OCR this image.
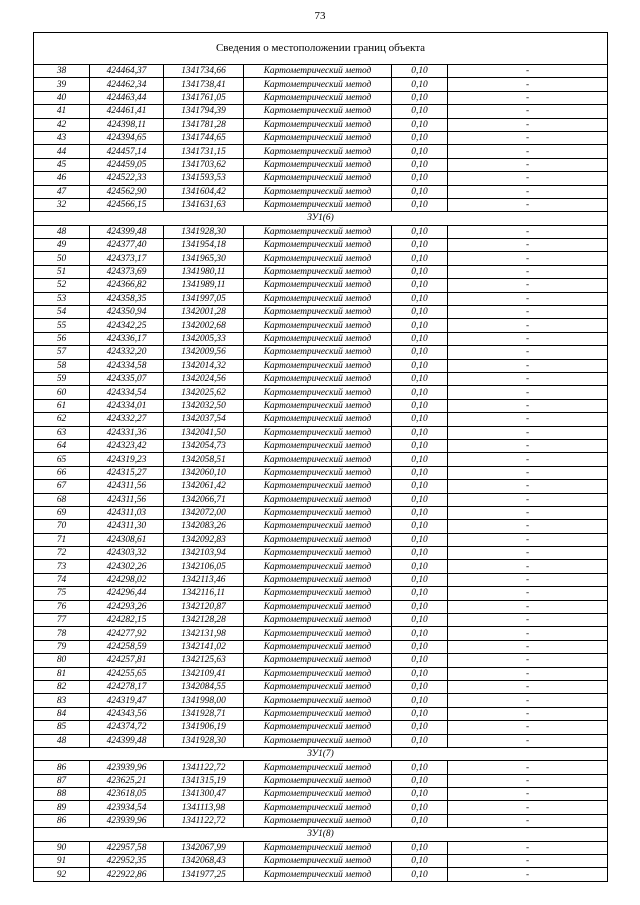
73
Сведения о местоположении границ объекта					
38	424464,37	1341734,66	Картометрический метод	0,10	-
39	424462,34	1341738,41	Картометрический метод	0,10	-
40	424463,44	1341761,05	Картометрический метод	0,10	-
41	424461,41	1341794,39	Картометрический метод	0,10	-
42	424398,11	1341781,28	Картометрический метод	0,10	-
43	424394,65	1341744,65	Картометрический метод	0,10	-
44	424457,14	1341731,15	Картометрический метод	0,10	-
45	424459,05	1341703,62	Картометрический метод	0,10	-
46	424522,33	1341593,53	Картометрический метод	0,10	-
47	424562,90	1341604,42	Картометрический метод	0,10	-
32	424566,15	1341631,63	Картометрический метод	0,10	-
ЗУ1(6)					
48	424399,48	1341928,30	Картометрический метод	0,10	-
49	424377,40	1341954,18	Картометрический метод	0,10	-
50	424373,17	1341965,30	Картометрический метод	0,10	-
51	424373,69	1341980,11	Картометрический метод	0,10	-
52	424366,82	1341989,11	Картометрический метод	0,10	-
53	424358,35	1341997,05	Картометрический метод	0,10	-
54	424350,94	1342001,28	Картометрический метод	0,10	-
55	424342,25	1342002,68	Картометрический метод	0,10	-
56	424336,17	1342005,33	Картометрический метод	0,10	-
57	424332,20	1342009,56	Картометрический метод	0,10	-
58	424334,58	1342014,32	Картометрический метод	0,10	-
59	424335,07	1342024,56	Картометрический метод	0,10	-
60	424334,54	1342025,62	Картометрический метод	0,10	-
61	424334,01	1342032,50	Картометрический метод	0,10	-
62	424332,27	1342037,54	Картометрический метод	0,10	-
63	424331,36	1342041,50	Картометрический метод	0,10	-
64	424323,42	1342054,73	Картометрический метод	0,10	-
65	424319,23	1342058,51	Картометрический метод	0,10	-
66	424315,27	1342060,10	Картометрический метод	0,10	-
67	424311,56	1342061,42	Картометрический метод	0,10	-
68	424311,56	1342066,71	Картометрический метод	0,10	-
69	424311,03	1342072,00	Картометрический метод	0,10	-
70	424311,30	1342083,26	Картометрический метод	0,10	-
71	424308,61	1342092,83	Картометрический метод	0,10	-
72	424303,32	1342103,94	Картометрический метод	0,10	-
73	424302,26	1342106,05	Картометрический метод	0,10	-
74	424298,02	1342113,46	Картометрический метод	0,10	-
75	424296,44	1342116,11	Картометрический метод	0,10	-
76	424293,26	1342120,87	Картометрический метод	0,10	-
77	424282,15	1342128,28	Картометрический метод	0,10	-
78	424277,92	1342131,98	Картометрический метод	0,10	-
79	424258,59	1342141,02	Картометрический метод	0,10	-
80	424257,81	1342125,63	Картометрический метод	0,10	-
81	424255,65	1342109,41	Картометрический метод	0,10	-
82	424278,17	1342084,55	Картометрический метод	0,10	-
83	424319,47	1341998,00	Картометрический метод	0,10	-
84	424343,56	1341928,71	Картометрический метод	0,10	-
85	424374,72	1341906,19	Картометрический метод	0,10	-
48	424399,48	1341928,30	Картометрический метод	0,10	-
ЗУ1(7)					
86	423939,96	1341122,72	Картометрический метод	0,10	-
87	423625,21	1341315,19	Картометрический метод	0,10	-
88	423618,05	1341300,47	Картометрический метод	0,10	-
89	423934,54	1341113,98	Картометрический метод	0,10	-
86	423939,96	1341122,72	Картометрический метод	0,10	-
ЗУ1(8)					
90	422957,58	1342067,99	Картометрический метод	0,10	-
91	422952,35	1342068,43	Картометрический метод	0,10	-
92	422922,86	1341977,25	Картометрический метод	0,10	-
